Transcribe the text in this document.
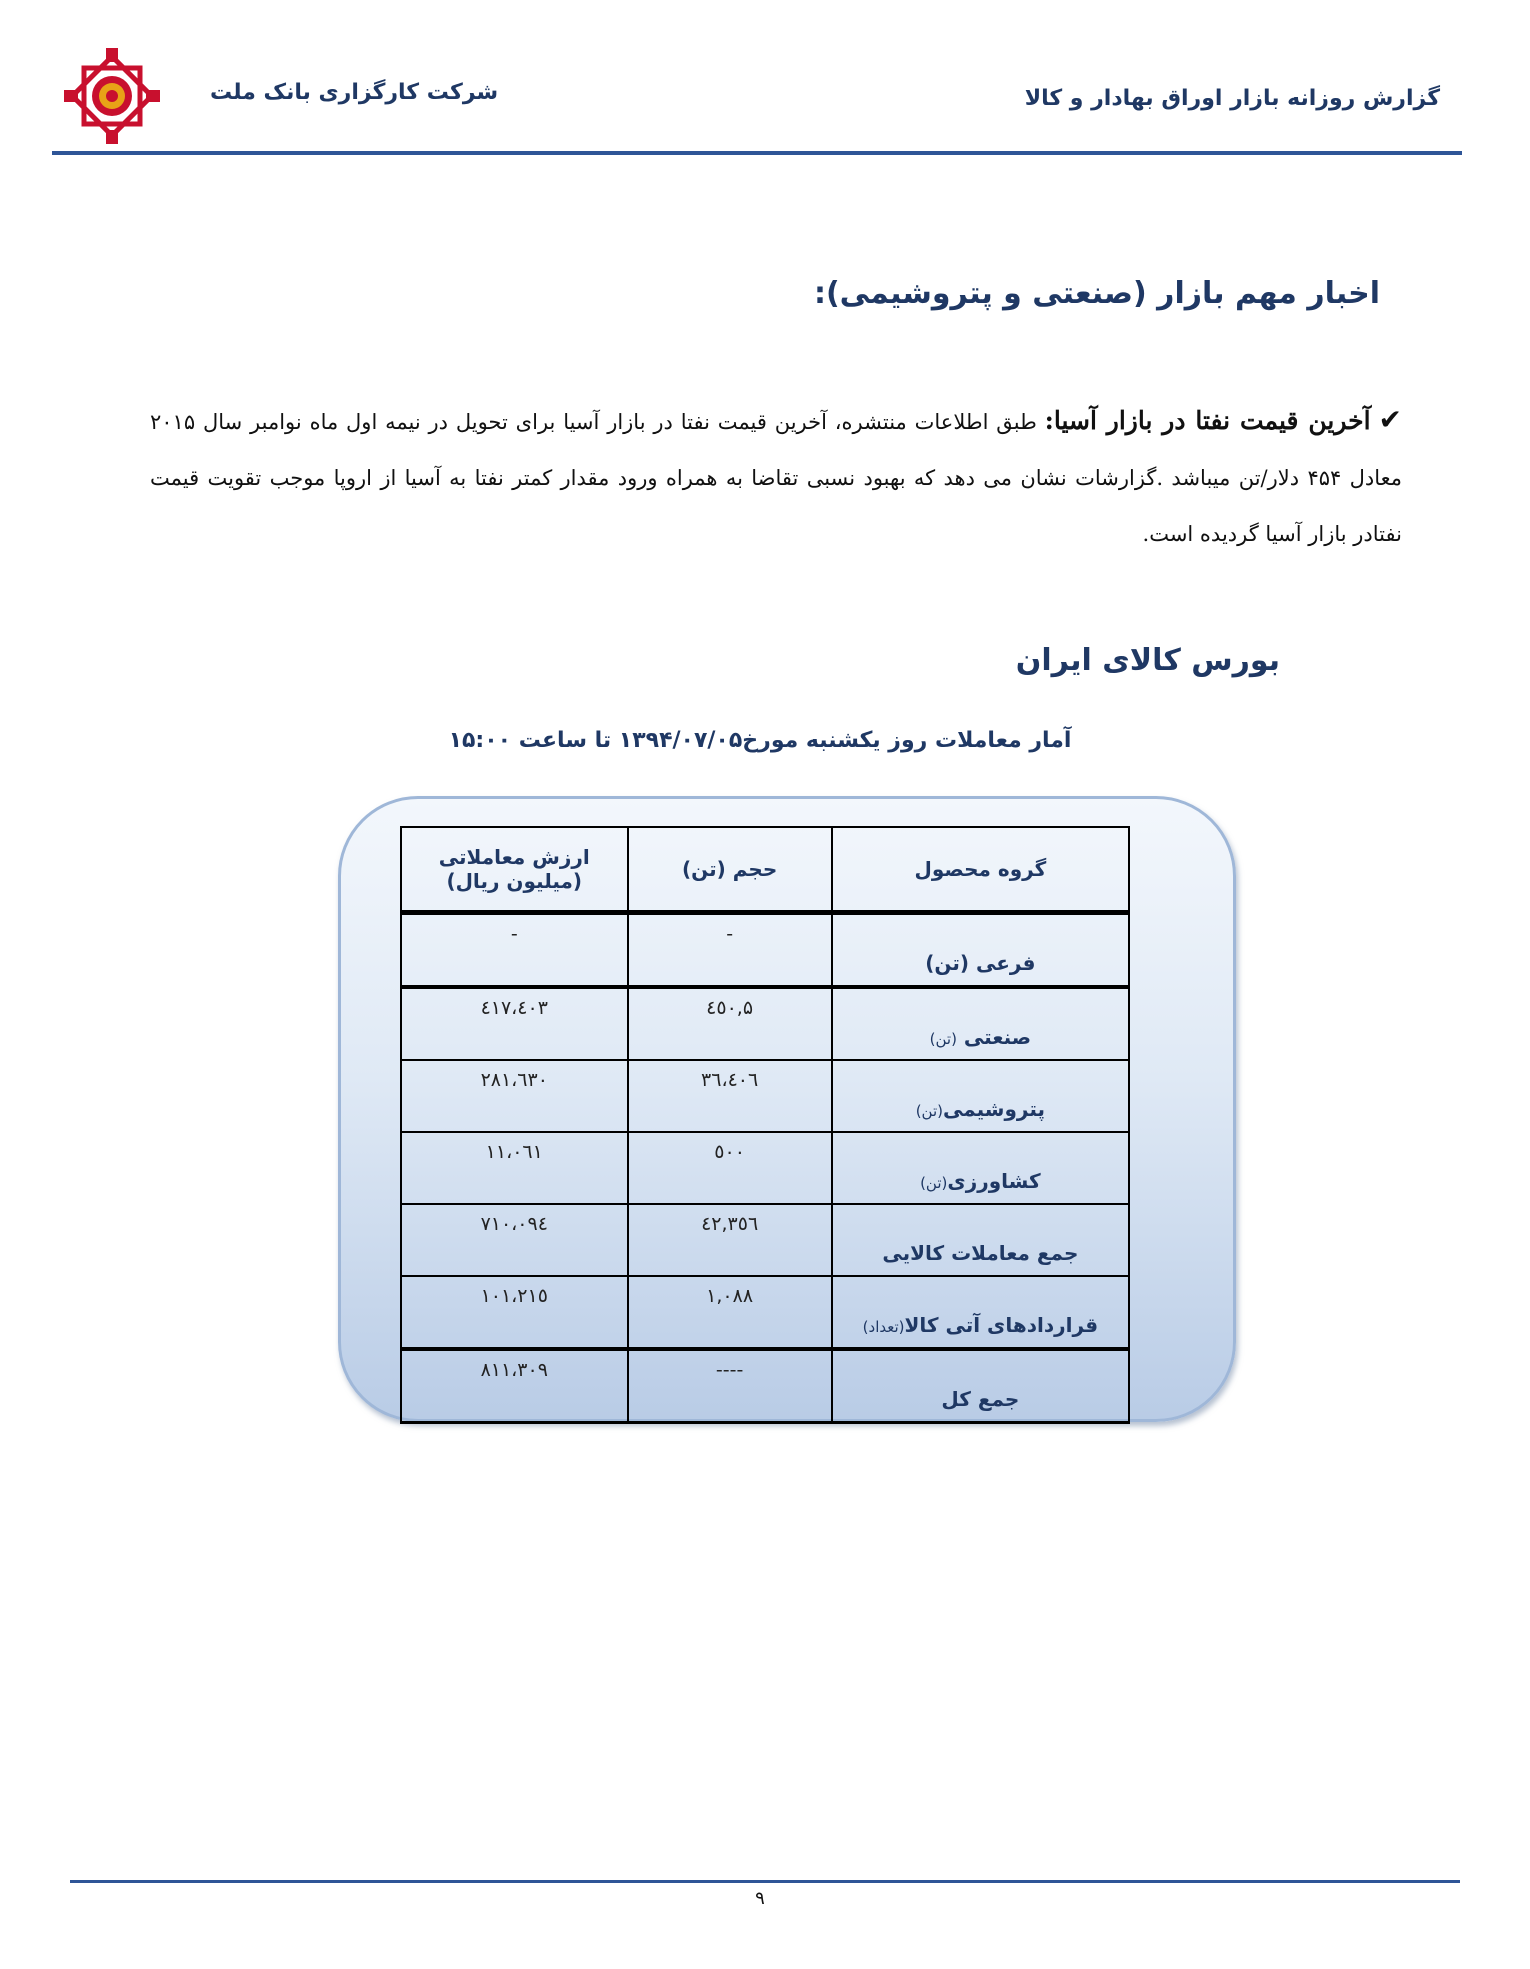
شرکت کارگزاری بانک ملت	گزارش روزانه بازار اوراق بهادار و کالا
اخبار مهم بازار (صنعتی و پتروشیمی):
✔آخرین قیمت نفتا در بازار آسیا: طبق اطلاعات منتشره، آخرین قیمت نفتا در بازار آسیا برای تحویل در نیمه اول ماه نوامبر سال ۲۰۱۵ معادل ۴۵۴ دلار/تن میباشد .گزارشات نشان می دهد که بهبود نسبی تقاضا به همراه ورود مقدار کمتر نفتا به آسیا از اروپا موجب تقویت قیمت نفتادر بازار آسیا گردیده است.
بورس کالای ایران
آمار معاملات روز یکشنبه مورخ۱۳۹۴/۰۷/۰۵ تا ساعت ۱۵:۰۰
گروه محصول	حجم (تن)	ارزش معاملاتی
(میلیون ریال)

فرعی (تن)	-	-
صنعتی (تن)	۵,٤٥٠	٤١٧،٤٠٣
پتروشیمی(تن)	٣٦،٤٠٦	٢٨١،٦٣٠
کشاورزی(تن)	٥٠٠	١١،٠٦١
جمع معاملات کالایی	٤٢,٣٥٦	٧١٠،٠٩٤
قراردادهای آتی کالا(تعداد)	١,٠٨٨	١٠١،٢١٥
جمع کل	----	٨١١،٣٠٩
۹
